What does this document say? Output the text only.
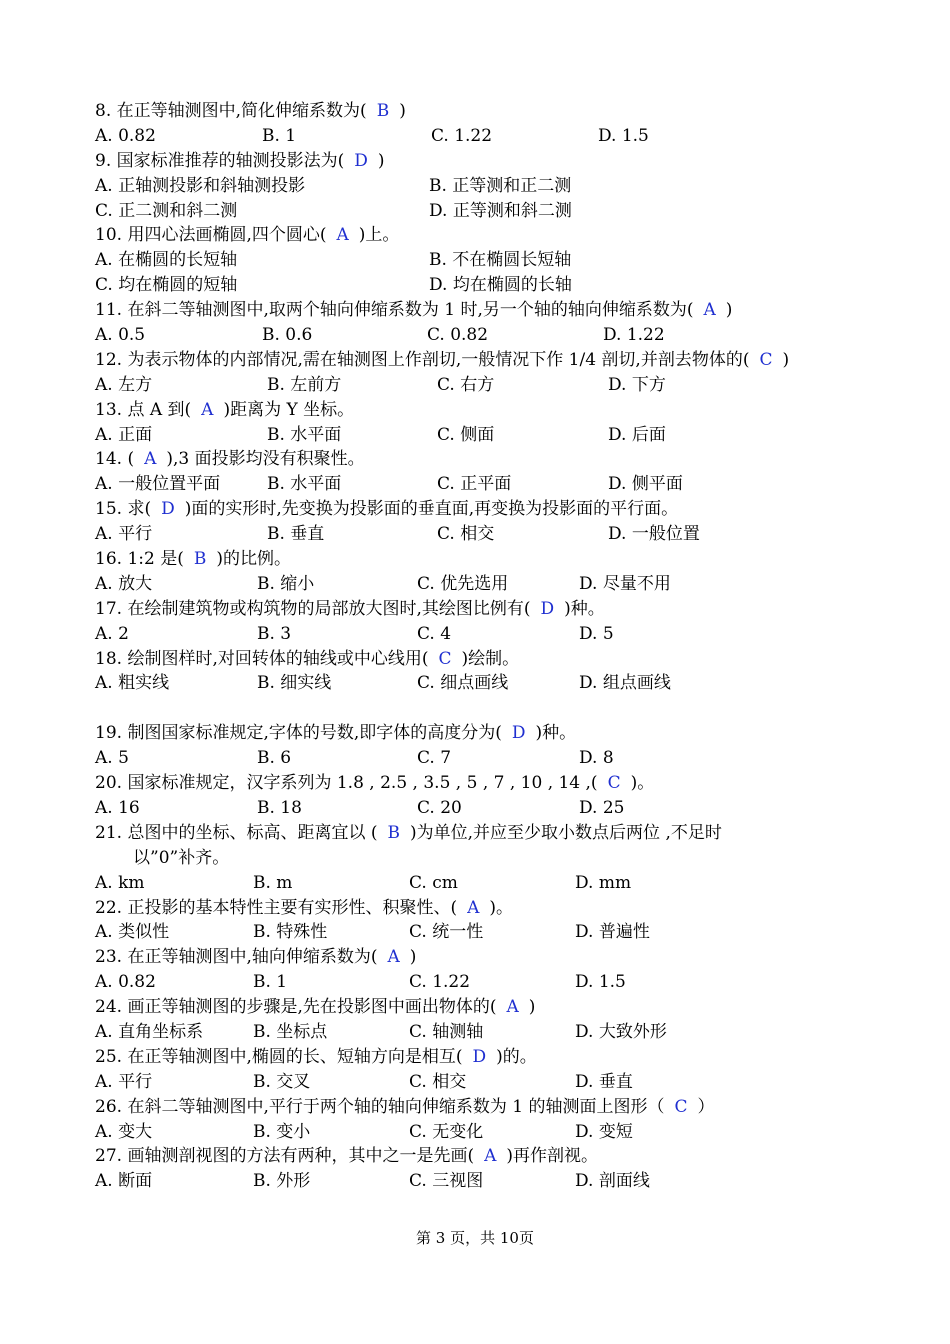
8. 在正等轴测图中,简化伸缩系数为( B )
A. 0.82	B. 1	C. 1.22	D. 1.5
9. 国家标准推荐的轴测投影法为( D )
A. 正轴测投影和斜轴测投影	B. 正等测和正二测
C. 正二测和斜二测	D. 正等测和斜二测
10. 用四心法画椭圆,四个圆心( A )上。
A. 在椭圆的长短轴	B. 不在椭圆长短轴
C. 均在椭圆的短轴	D. 均在椭圆的长轴
11. 在斜二等轴测图中,取两个轴向伸缩系数为 1 时,另一个轴的轴向伸缩系数为( A )
A. 0.5	B. 0.6	C. 0.82	D. 1.22
12. 为表示物体的内部情况,需在轴测图上作剖切,一般情况下作 1/4 剖切,并剖去物体的( C )
A. 左方	B. 左前方	C. 右方	D. 下方
13. 点 A 到( A )距离为 Y 坐标。
A. 正面	B. 水平面	C. 侧面	D. 后面
14. ( A ),3 面投影均没有积聚性。
A. 一般位置平面	B. 水平面	C. 正平面	D. 侧平面
15. 求( D )面的实形时,先变换为投影面的垂直面,再变换为投影面的平行面。
A. 平行	B. 垂直	C. 相交	D. 一般位置
16. 1:2 是( B )的比例。
A. 放大	B. 缩小	C. 优先选用	D. 尽量不用
17. 在绘制建筑物或构筑物的局部放大图时,其绘图比例有( D )种。
A. 2	B. 3	C. 4	D. 5
18. 绘制图样时,对回转体的轴线或中心线用( C )绘制。
A. 粗实线	B. 细实线	C. 细点画线	D. 组点画线
19. 制图国家标准规定,字体的号数,即字体的高度分为( D )种。
A. 5	B. 6	C. 7	D. 8
20. 国家标准规定，汉字系列为 1.8 , 2.5 , 3.5 , 5 , 7 , 10 , 14 ,( C )。
A. 16	B. 18	C. 20	D. 25
21. 总图中的坐标、标高、距离宜以 ( B )为单位,并应至少取小数点后两位 ,不足时
以”0”补齐。
A. km	B. m	C. cm	D. mm
22. 正投影的基本特性主要有实形性、积聚性、( A )。
A. 类似性	B. 特殊性	C. 统一性	D. 普遍性
23. 在正等轴测图中,轴向伸缩系数为( A )
A. 0.82	B. 1	C. 1.22	D. 1.5
24. 画正等轴测图的步骤是,先在投影图中画出物体的( A )
A. 直角坐标系	B. 坐标点	C. 轴测轴	D. 大致外形
25. 在正等轴测图中,椭圆的长、短轴方向是相互( D )的。
A. 平行	B. 交叉	C. 相交	D. 垂直
26. 在斜二等轴测图中,平行于两个轴的轴向伸缩系数为 1 的轴测面上图形（ C ）
A. 变大	B. 变小	C. 无变化	D. 变短
27. 画轴测剖视图的方法有两种，其中之一是先画( A )再作剖视。
A. 断面	B. 外形	C. 三视图	D. 剖面线
第 3 页，共 10页
